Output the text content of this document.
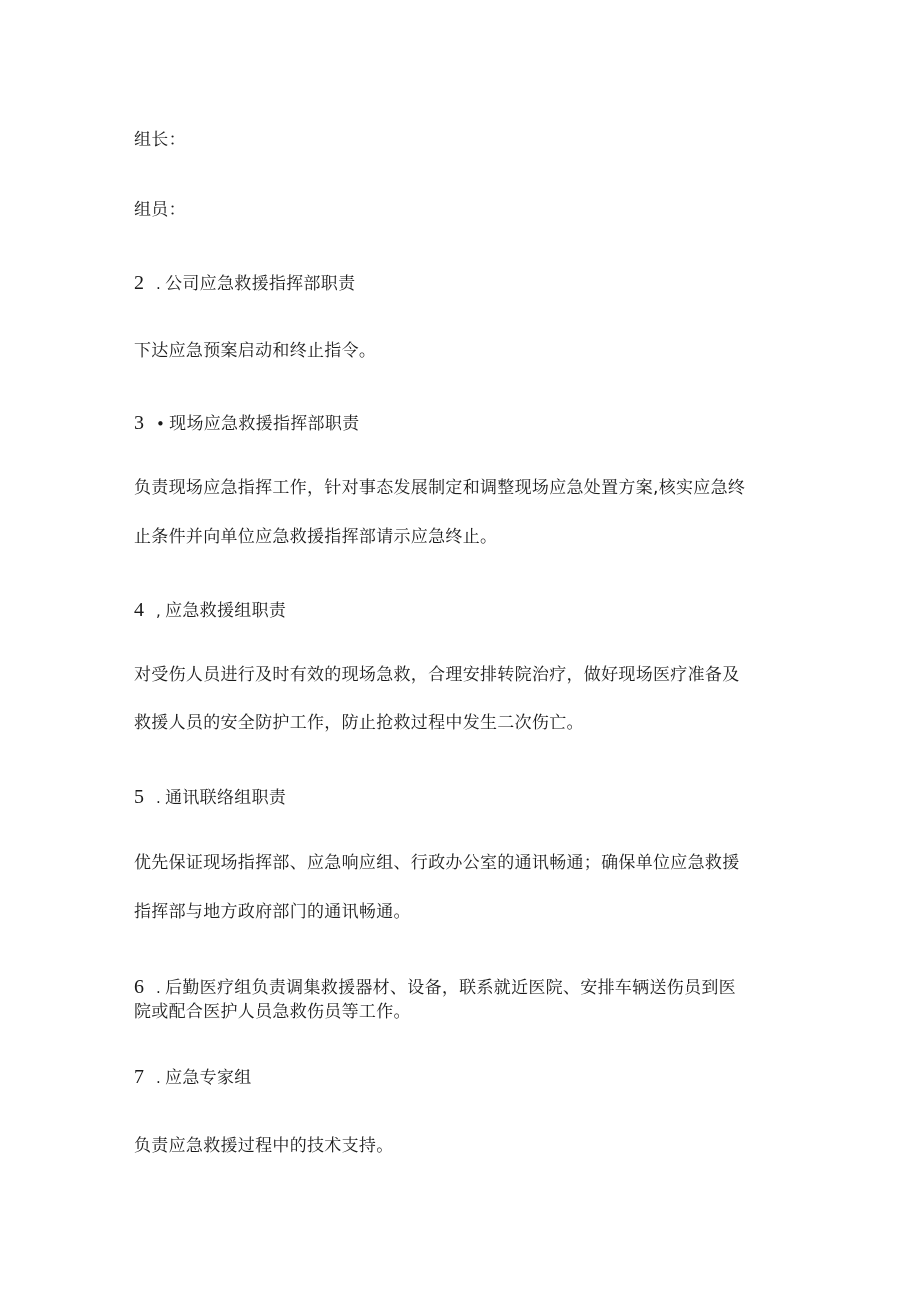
组长：
组员：
2 . 公司应急救援指挥部职责
下达应急预案启动和终止指令。
3 • 现场应急救援指挥部职责
负责现场应急指挥工作，针对事态发展制定和调整现场应急处置方案,核实应急终
止条件并向单位应急救援指挥部请示应急终止。
4 , 应急救援组职责
对受伤人员进行及时有效的现场急救，合理安排转院治疗，做好现场医疗准备及
救援人员的安全防护工作，防止抢救过程中发生二次伤亡。
5 . 通讯联络组职责
优先保证现场指挥部、应急响应组、行政办公室的通讯畅通；确保单位应急救援
指挥部与地方政府部门的通讯畅通。
6 . 后勤医疗组负责调集救援器材、设备，联系就近医院、安排车辆送伤员到医
院或配合医护人员急救伤员等工作。
7 . 应急专家组
负责应急救援过程中的技术支持。
